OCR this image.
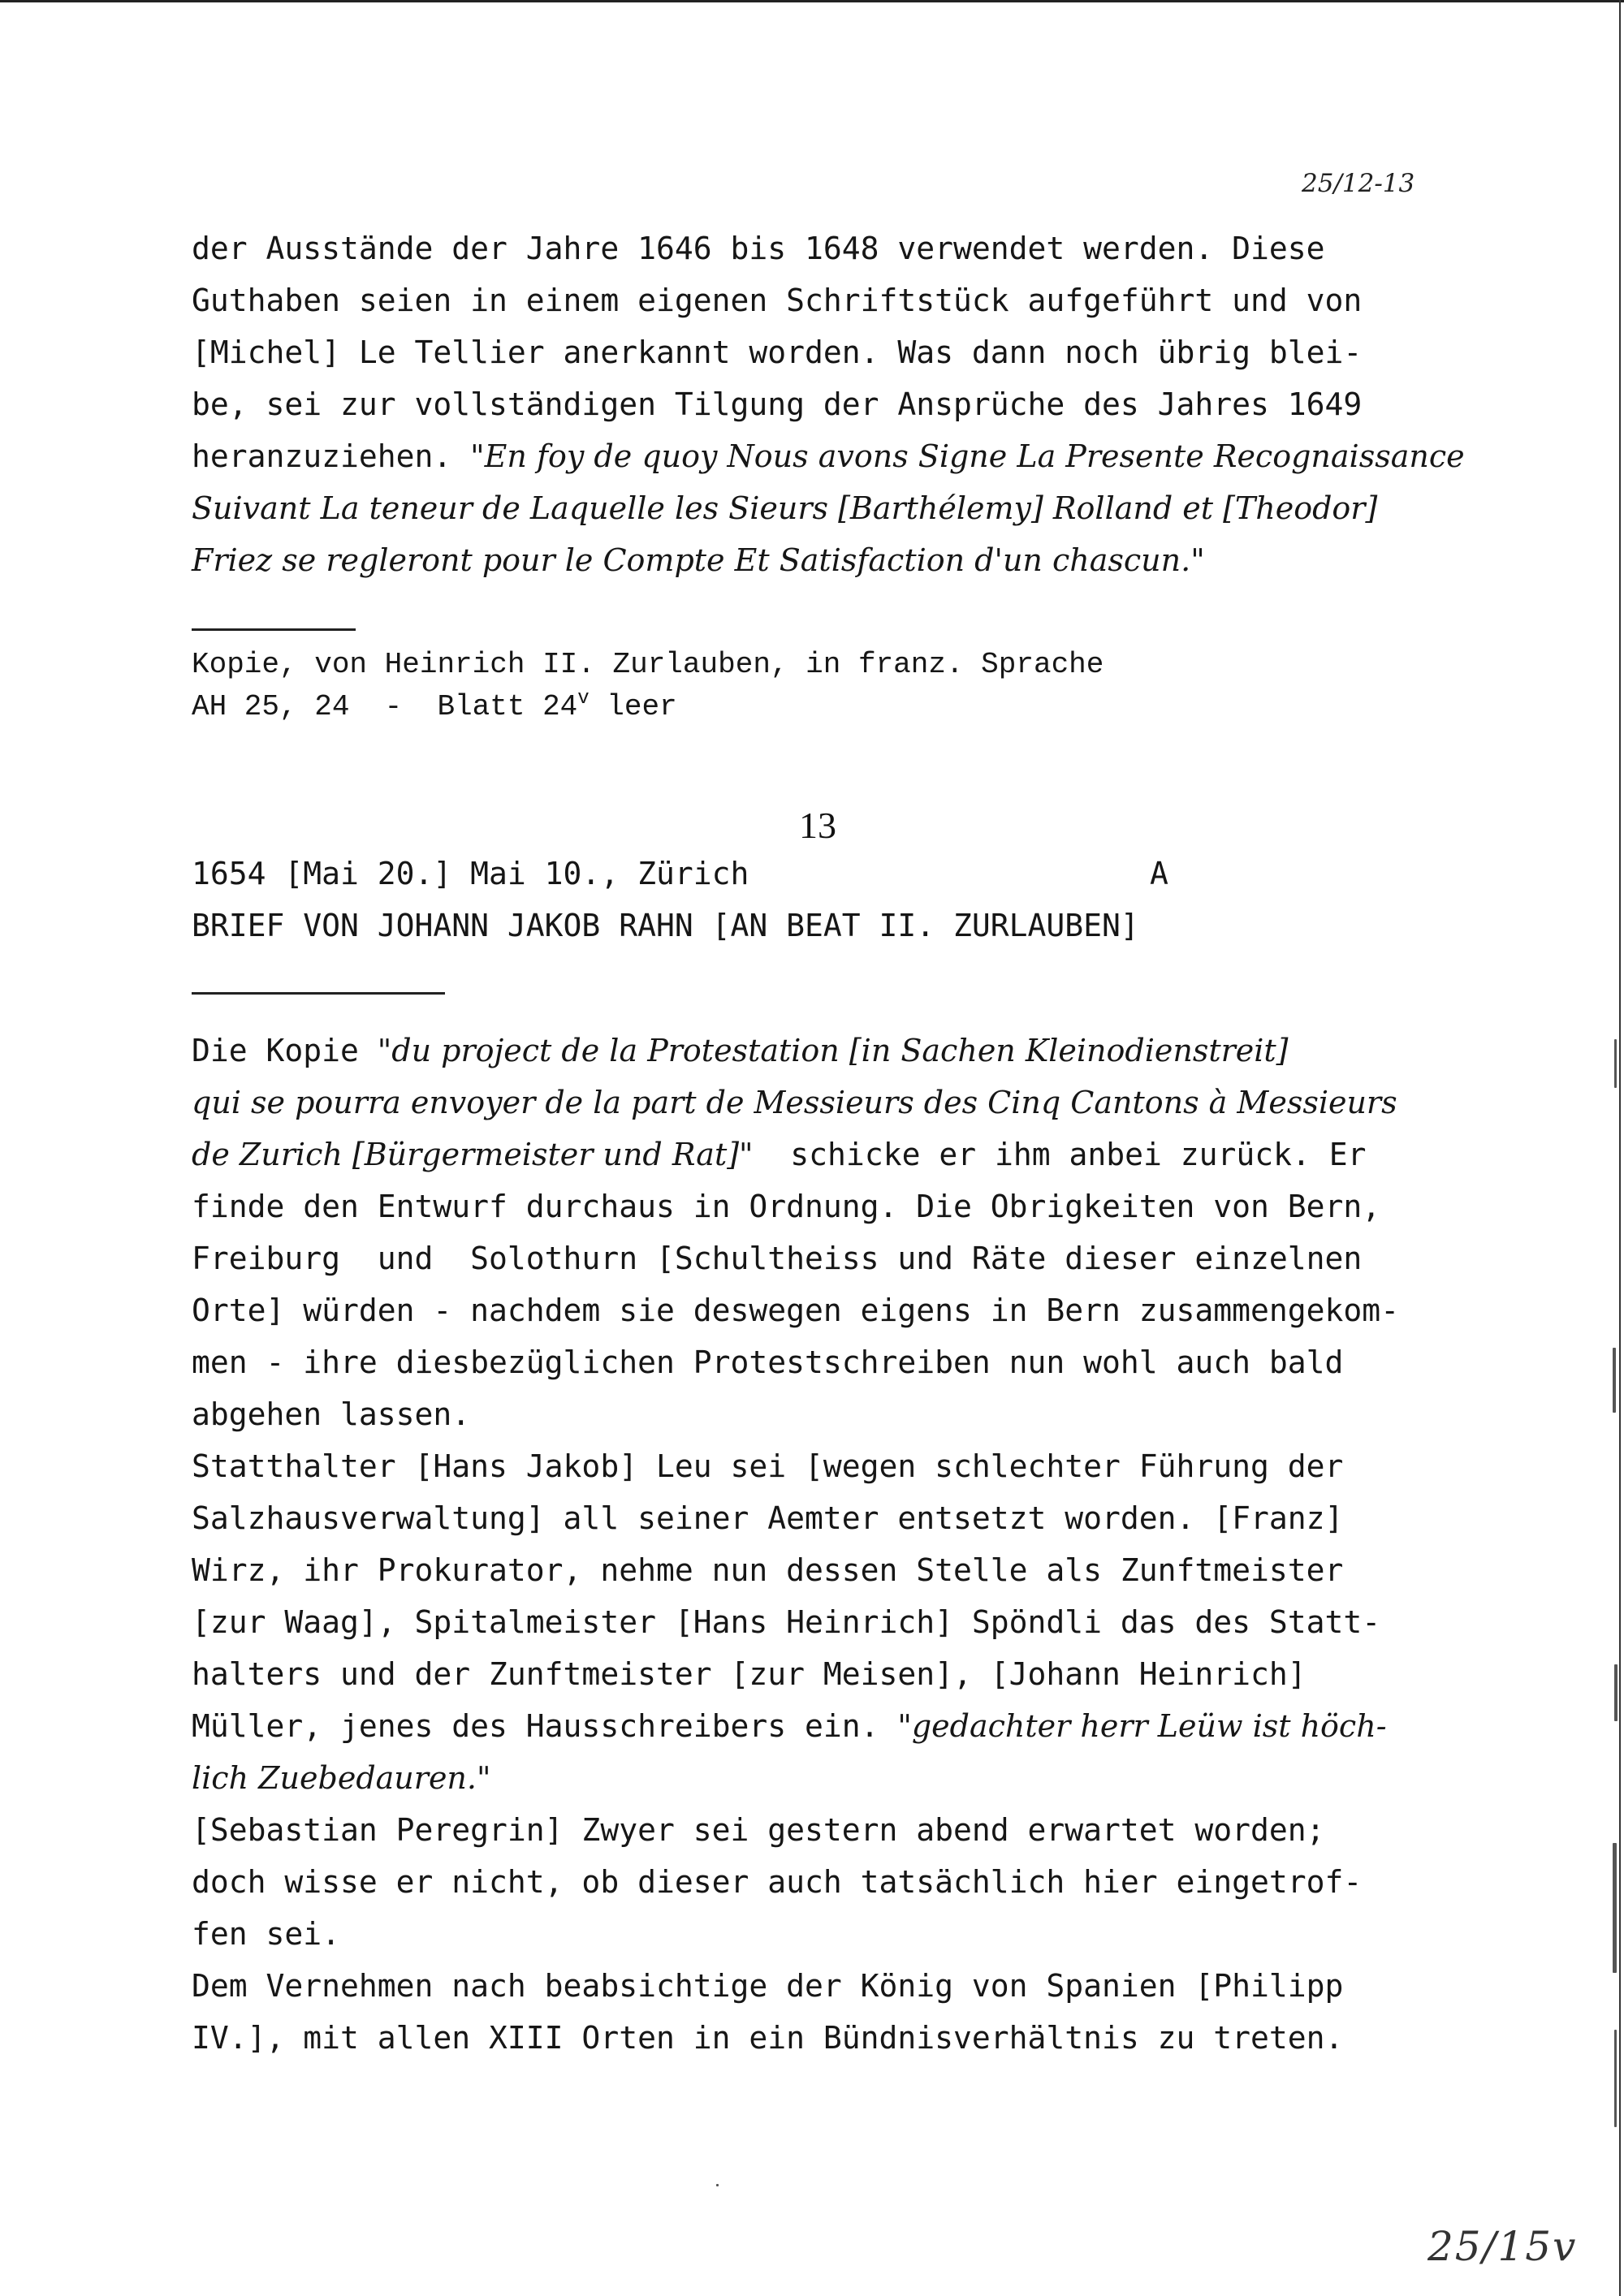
25/12-13
der Ausstände der Jahre 1646 bis 1648 verwendet werden. Diese
Guthaben seien in einem eigenen Schriftstück aufgeführt und von
[Michel] Le Tellier anerkannt worden. Was dann noch übrig blei-
be, sei zur vollständigen Tilgung der Ansprüche des Jahres 1649
heranzuziehen. "En foy de quoy Nous avons Signe La Presente Recognaissance
Suivant La teneur de Laquelle les Sieurs [Barthélemy] Rolland et [Theodor]
Friez se regleront pour le Compte Et Satisfaction d'un chascun."
Kopie, von Heinrich II. Zurlauben, in franz. Sprache
AH 25, 24  -  Blatt 24$^v$ leer
13
1654 [Mai 20.] Mai 10., Zürich	A
BRIEF VON JOHANN JAKOB RAHN [AN BEAT II. ZURLAUBEN]
Die Kopie "du project de la Protestation [in Sachen Kleinodienstreit]
qui se pourra envoyer de la part de Messieurs des Cinq Cantons à Messieurs
de Zurich [Bürgermeister und Rat]"  schicke er ihm anbei zurück. Er
finde den Entwurf durchaus in Ordnung. Die Obrigkeiten von Bern,
Freiburg  und  Solothurn [Schultheiss und Räte dieser einzelnen
Orte] würden - nachdem sie deswegen eigens in Bern zusammengekom-
men - ihre diesbezüglichen Protestschreiben nun wohl auch bald
abgehen lassen.
Statthalter [Hans Jakob] Leu sei [wegen schlechter Führung der
Salzhausverwaltung] all seiner Aemter entsetzt worden. [Franz]
Wirz, ihr Prokurator, nehme nun dessen Stelle als Zunftmeister
[zur Waag], Spitalmeister [Hans Heinrich] Spöndli das des Statt-
halters und der Zunftmeister [zur Meisen], [Johann Heinrich]
Müller, jenes des Hausschreibers ein. "gedachter herr Leüw ist höch-
lich Zuebedauren."
[Sebastian Peregrin] Zwyer sei gestern abend erwartet worden;
doch wisse er nicht, ob dieser auch tatsächlich hier eingetrof-
fen sei.
Dem Vernehmen nach beabsichtige der König von Spanien [Philipp
IV.], mit allen XIII Orten in ein Bündnisverhältnis zu treten.
25/15v
